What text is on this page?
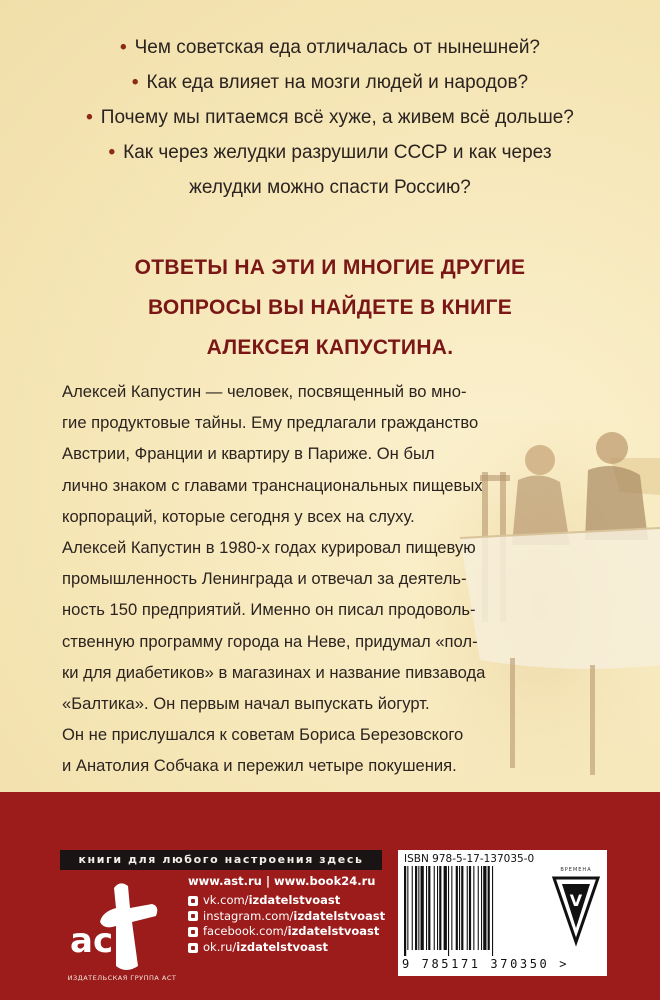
• Чем советская еда отличалась от нынешней?
• Как еда влияет на мозги людей и народов?
• Почему мы питаемся всё хуже, а живем всё дольше?
• Как через желудки разрушили СССР и как через
желудки можно спасти Россию?
ОТВЕТЫ НА ЭТИ И МНОГИЕ ДРУГИЕ
ВОПРОСЫ ВЫ НАЙДЕТЕ В КНИГЕ
АЛЕКСЕЯ КАПУСТИНА.
Алексей Капустин — человек, посвященный во мно-
гие продуктовые тайны. Ему предлагали гражданство
Австрии, Франции и квартиру в Париже. Он был
лично знаком с главами транснациональных пищевых
корпораций, которые сегодня у всех на слуху.
Алексей Капустин в 1980-х годах курировал пищевую
промышленность Ленинграда и отвечал за деятель-
ность 150 предприятий. Именно он писал продоволь-
ственную программу города на Неве, придумал «пол-
ки для диабетиков» в магазинах и название пивзавода
«Балтика». Он первым начал выпускать йогурт.
Он не прислушался к советам Бориса Березовского
и Анатолия Собчака и пережил четыре покушения.
книги для любого настроения здесь
ac
ИЗДАТЕЛЬСКАЯ ГРУППА АСТ
www.ast.ru | www.book24.ru
vk.com/ izdatelstvoast
instagram.com/ izdatelstvoast
facebook.com/ izdatelstvoast
ok.ru/ izdatelstvoast
ISBN 978-5-17-137035-0
9 785171 370350 >
ВРЕМЕНА
V
